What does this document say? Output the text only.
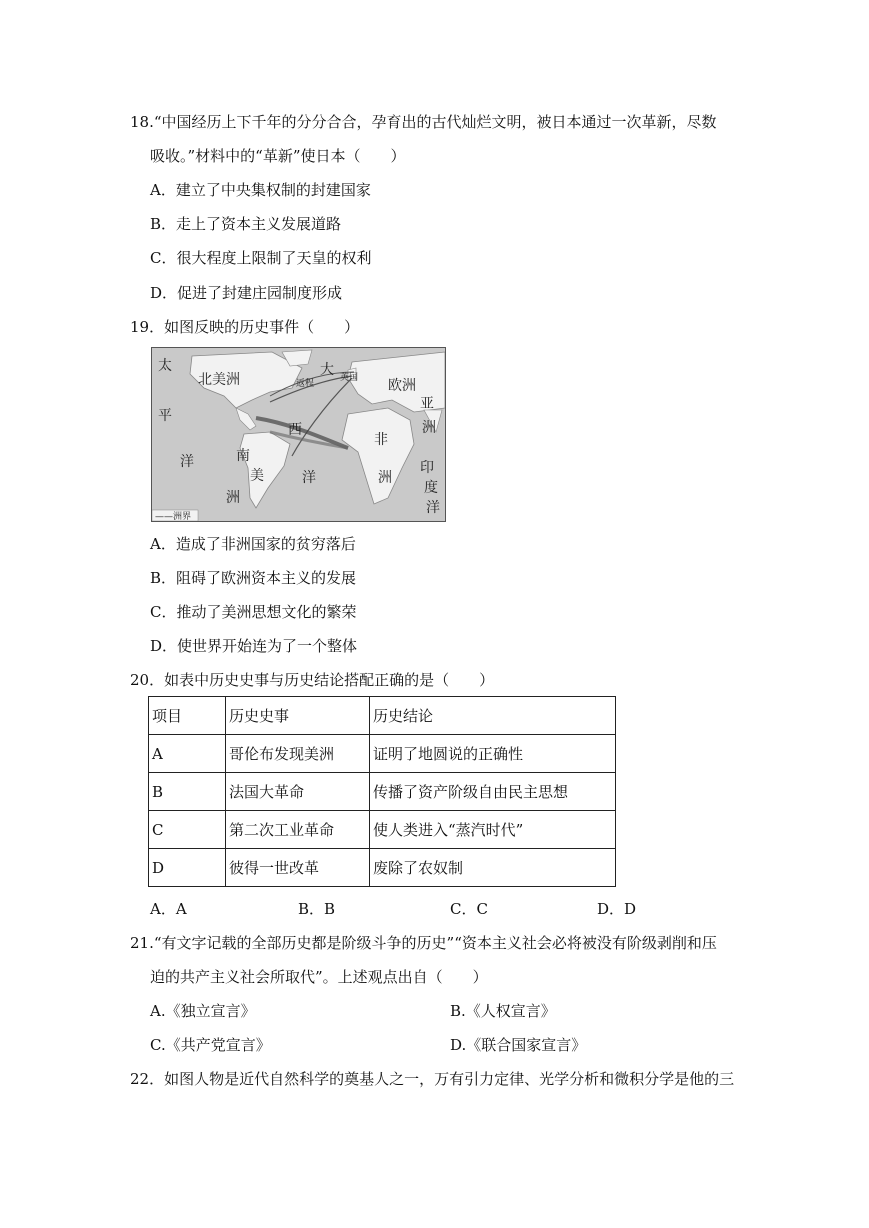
18.“中国经历上下千年的分分合合，孕育出的古代灿烂文明，被日本通过一次革新，尽数
吸收。”材料中的“革新”使日本（　　）
A．建立了中央集权制的封建国家
B．走上了资本主义发展道路
C．很大程度上限制了天皇的权利
D．促进了封建庄园制度形成
19．如图反映的历史事件（　　）
太
平
洋
北美洲
南
美
洲
欧洲
亚
洲
非
洲
印
度
洋
大
西
洋
英国
返程
——洲界
A．造成了非洲国家的贫穷落后
B．阻碍了欧洲资本主义的发展
C．推动了美洲思想文化的繁荣
D．使世界开始连为了一个整体
20．如表中历史史事与历史结论搭配正确的是（　　）
项目	历史史事	历史结论
A	哥伦布发现美洲	证明了地圆说的正确性
B	法国大革命	传播了资产阶级自由民主思想
C	第二次工业革命	使人类进入“蒸汽时代”
D	彼得一世改革	废除了农奴制
A．A	B．B	C．C	D．D
21.“有文字记载的全部历史都是阶级斗争的历史”“资本主义社会必将被没有阶级剥削和压
迫的共产主义社会所取代”。上述观点出自（　　）
A.《独立宣言》	B.《人权宣言》
C.《共产党宣言》	D.《联合国家宣言》
22．如图人物是近代自然科学的奠基人之一，万有引力定律、光学分析和微积分学是他的三
